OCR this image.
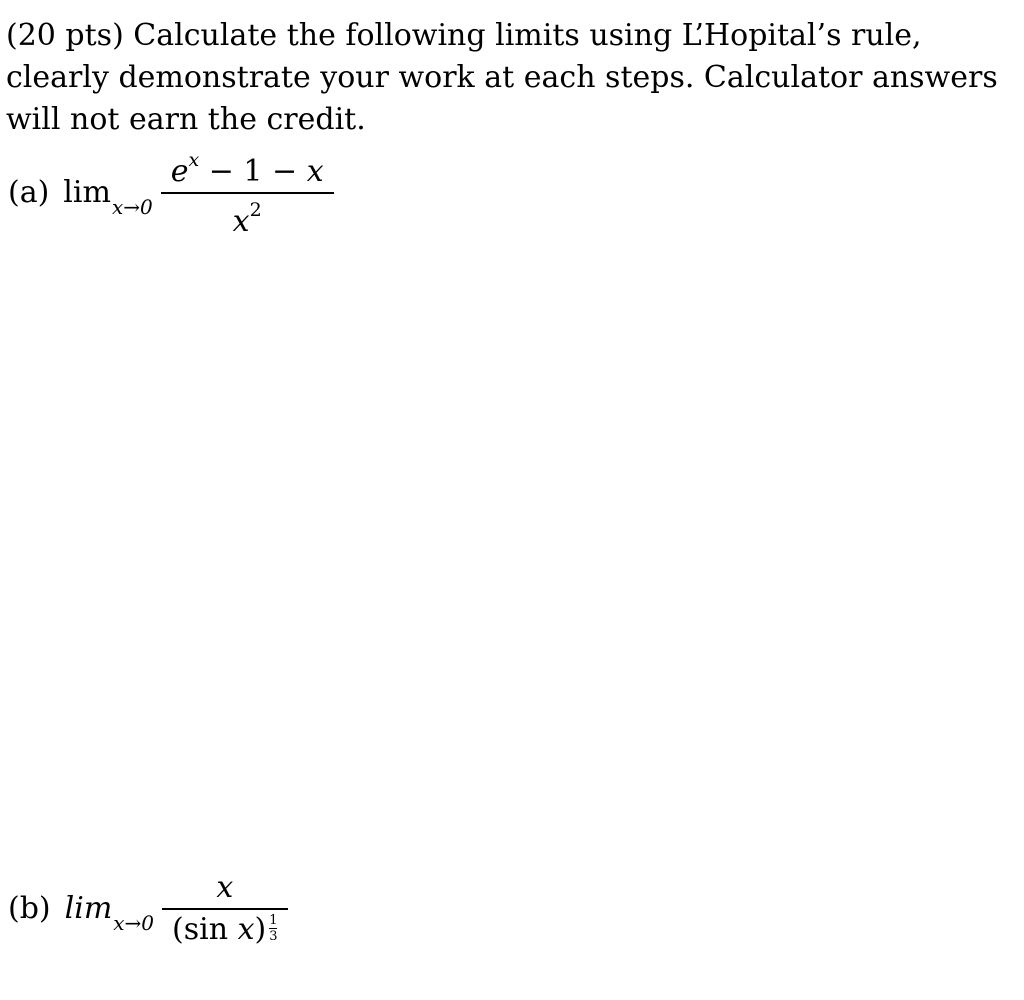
(20 pts) Calculate the following limits using L’Hopital’s rule, clearly demonstrate your work at each steps. Calculator answers will not earn the credit.

(a) $\lim_{x\to 0} \frac{e^x - 1 - x}{x^2}$
(b) $\lim_{x\to 0} \frac{x}{(\sin x) \frac{1}{3}}$
